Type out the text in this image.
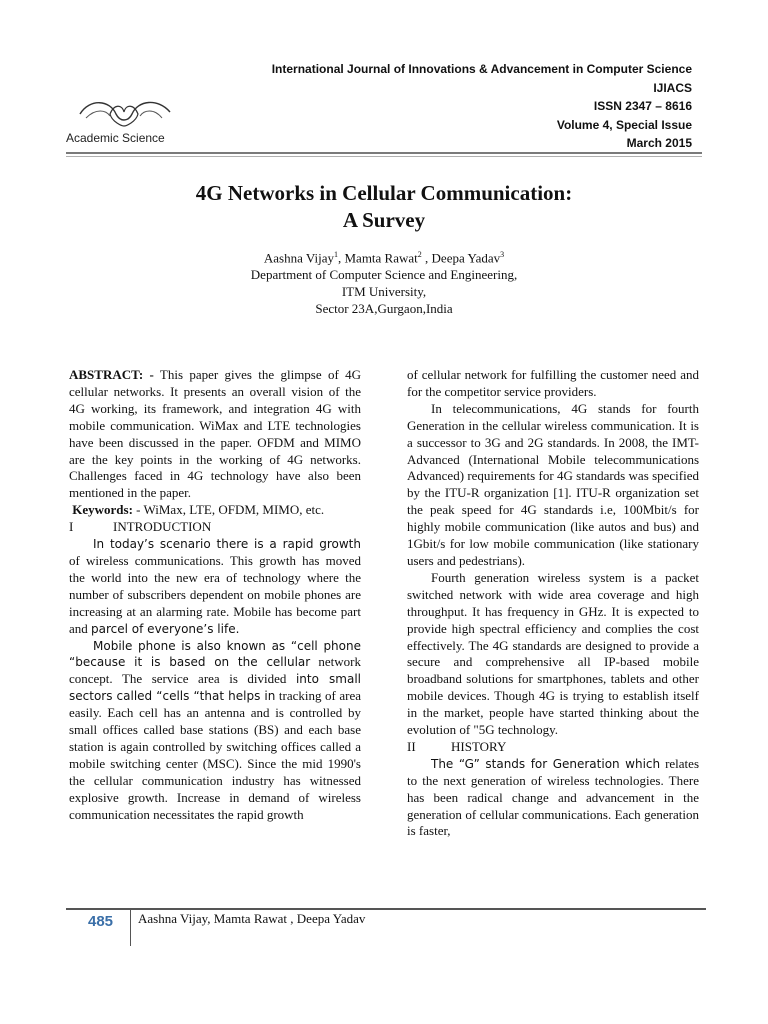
Academic Science
International Journal of Innovations & Advancement in Computer Science
IJIACS
ISSN 2347 – 8616
Volume 4, Special Issue
March 2015
4G Networks in Cellular Communication:
A Survey
Aashna Vijay$^1$, Mamta Rawat$^2$ , Deepa Yadav$^3$
Department of Computer Science and Engineering,
ITM University,
Sector 23A,Gurgaon,India

ABSTRACT: - This paper gives the glimpse of 4G cellular networks. It presents an overall vision of the 4G working, its framework, and integration 4G with mobile communication. WiMax and LTE technologies have been discussed in the paper. OFDM and MIMO are the key points in the working of 4G networks. Challenges faced in 4G technology have also been mentioned in the paper.

Keywords: - WiMax, LTE, OFDM, MIMO, etc.

I	INTRODUCTION

In today’s scenario there is a rapid growth of wireless communications. This growth has moved the world into the new era of technology where the number of subscribers dependent on mobile phones are increasing at an alarming rate. Mobile has become part and parcel of everyone’s life.

Mobile phone is also known as “cell phone “because it is based on the cellular network concept. The service area is divided into small sectors called “cells “that helps in tracking of area easily. Each cell has an antenna and is controlled by small offices called base stations (BS) and each base station is again controlled by switching offices called a mobile switching center (MSC). Since the mid 1990's the cellular communication industry has witnessed explosive growth. Increase in demand of wireless communication necessitates the rapid growth

of cellular network for fulfilling the customer need and for the competitor service providers.

In telecommunications, 4G stands for fourth Generation in the cellular wireless communication. It is a successor to 3G and 2G standards. In 2008, the IMT-Advanced (International Mobile telecommunications Advanced) requirements for 4G standards was specified by the ITU-R organization [1]. ITU-R organization set the peak speed for 4G standards i.e, 100Mbit/s for highly mobile communication (like autos and bus) and 1Gbit/s for low mobile communication (like stationary users and pedestrians).

Fourth generation wireless system is a packet switched network with wide area coverage and high throughput. It has frequency in GHz. It is expected to provide high spectral efficiency and complies the cost effectively. The 4G standards are designed to provide a secure and comprehensive all IP-based mobile broadband solutions for smartphones, tablets and other mobile devices. Though 4G is trying to establish itself in the market, people have started thinking about the evolution of "5G technology.

II	HISTORY

The “G” stands for Generation which relates to the next generation of wireless technologies. There has been radical change and advancement in the generation of cellular communications. Each generation is faster,

485 Aashna Vijay, Mamta Rawat , Deepa Yadav
